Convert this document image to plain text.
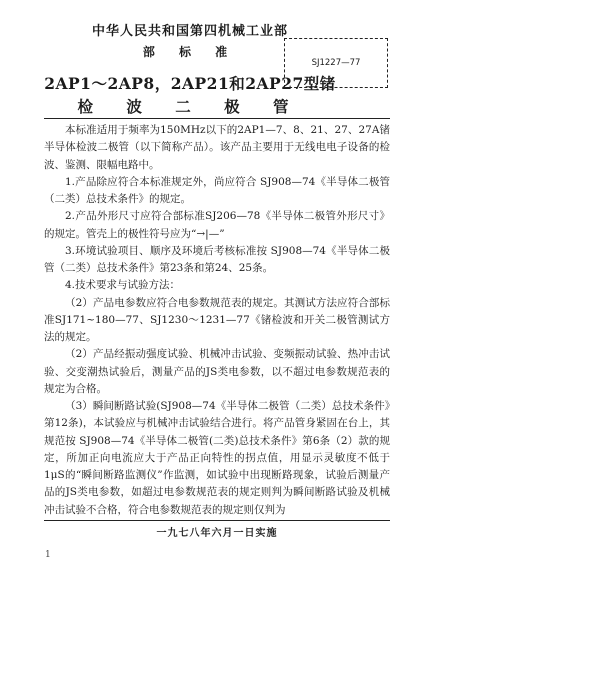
中华人民共和国第四机械工业部
部 标 准
2AP1～2AP8，2AP21和2AP27型锗
检 波 二 极 管
SJ1227—77

本标准适用于频率为150MHz以下的2AP1—7、8、21、27、27A锗半导体检波二极管（以下简称产品）。该产品主要用于无线电电子设备的检波、鉴测、限幅电路中。

1.产品除应符合本标准规定外，尚应符合 SJ908—74《半导体二极管（二类）总技术条件》的规定。

2.产品外形尺寸应符合部标准SJ206—78《半导体二极管外形尺寸》的规定。管壳上的极性符号应为“→|—”

3.环境试验项目、顺序及环境后考核标准按 SJ908—74《半导体二极管（二类）总技术条件》第23条和第24、25条。

4.技术要求与试验方法：

（2）产品电参数应符合电参数规范表的规定。其测试方法应符合部标准SJ171~180—77、SJ1230～1231—77《锗检波和开关二极管测试方法的规定。

（2）产品经振动强度试验、机械冲击试验、变频振动试验、热冲击试验、交变潮热试验后，测量产品的JS类电参数，以不超过电参数规范表的规定为合格。

（3）瞬间断路试验(SJ908—74《半导体二极管（二类）总技术条件》第12条)，本试验应与机械冲击试验结合进行。将产品管身紧固在台上，其规范按 SJ908—74《半导体二极管(二类)总技术条件》第6条（2）款的规定，所加正向电流应大于产品正向特性的拐点值，用显示灵敏度不低于1μS的“瞬间断路监测仪”作监测，如试验中出现断路现象，试验后测量产品的JS类电参数，如超过电参数规范表的规定则判为瞬间断路试验及机械冲击试验不合格，符合电参数规范表的规定则仅判为

一九七八年六月一日实施
1
